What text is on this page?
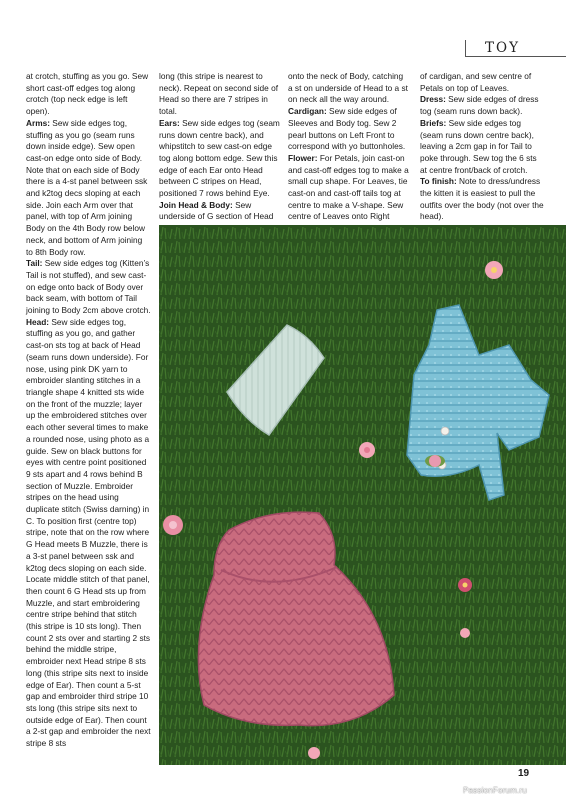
TOY

at crotch, stuffing as you go. Sew short cast-off edges tog along crotch (top neck edge is left open).

Arms: Sew side edges tog, stuffing as you go (seam runs down inside edge). Sew open cast-on edge onto side of Body. Note that on each side of Body there is a 4-st panel between ssk and k2tog decs sloping at each side. Join each Arm over that panel, with top of Arm joining Body on the 4th Body row below neck, and bottom of Arm joining to 8th Body row.

Tail: Sew side edges tog (Kitten’s Tail is not stuffed), and sew cast-on edge onto back of Body over back seam, with bottom of Tail joining to Body 2cm above crotch.

Head: Sew side edges tog, stuffing as you go, and gather cast-on sts tog at back of Head (seam runs down underside). For nose, using pink DK yarn to embroider slanting stitches in a triangle shape 4 knitted sts wide on the front of the muzzle; layer up the embroidered stitches over each other several times to make a rounded nose, using photo as a guide. Sew on black buttons for eyes with centre point positioned 9 sts apart and 4 rows behind B section of Muzzle. Embroider stripes on the head using duplicate stitch (Swiss darning) in C. To position first (centre top) stripe, note that on the row where G Head meets B Muzzle, there is a 3-st panel between ssk and k2tog decs sloping on each side. Locate middle stitch of that panel, then count 6 G Head sts up from Muzzle, and start embroidering centre stripe behind that stitch (this stripe is 10 sts long). Then count 2 sts over and starting 2 sts behind the middle stripe, embroider next Head stripe 8 sts long (this stripe sits next to inside edge of Ear). Then count a 5-st gap and embroider third stripe 10 sts long (this stripe sits next to outside edge of Ear). Then count a 2-st gap and embroider the next stripe 8 sts

long (this stripe is nearest to neck). Repeat on second side of Head so there are 7 stripes in total.

Ears: Sew side edges tog (seam runs down centre back), and whipstitch to sew cast-on edge tog along bottom edge. Sew this edge of each Ear onto Head between C stripes on Head, positioned 7 rows behind Eye.

Join Head & Body: Sew underside of G section of Head

onto the neck of Body, catching a st on underside of Head to a st on neck all the way around.

Cardigan: Sew side edges of Sleeves and Body tog. Sew 2 pearl buttons on Left Front to correspond with yo buttonholes.

Flower: For Petals, join cast-on and cast-off edges tog to make a small cup shape. For Leaves, tie cast-on and cast-off tails tog at centre to make a V-shape. Sew centre of Leaves onto Right

of cardigan, and sew centre of Petals on top of Leaves.

Dress: Sew side edges of dress tog (seam runs down back).

Briefs: Sew side edges tog (seam runs down centre back), leaving a 2cm gap in for Tail to poke through. Sew tog the 6 sts at centre front/back of crotch.

To finish: Note to dress/undress the kitten it is easiest to pull the outfits over the body (not over the head).

19
PassionForum.ru
